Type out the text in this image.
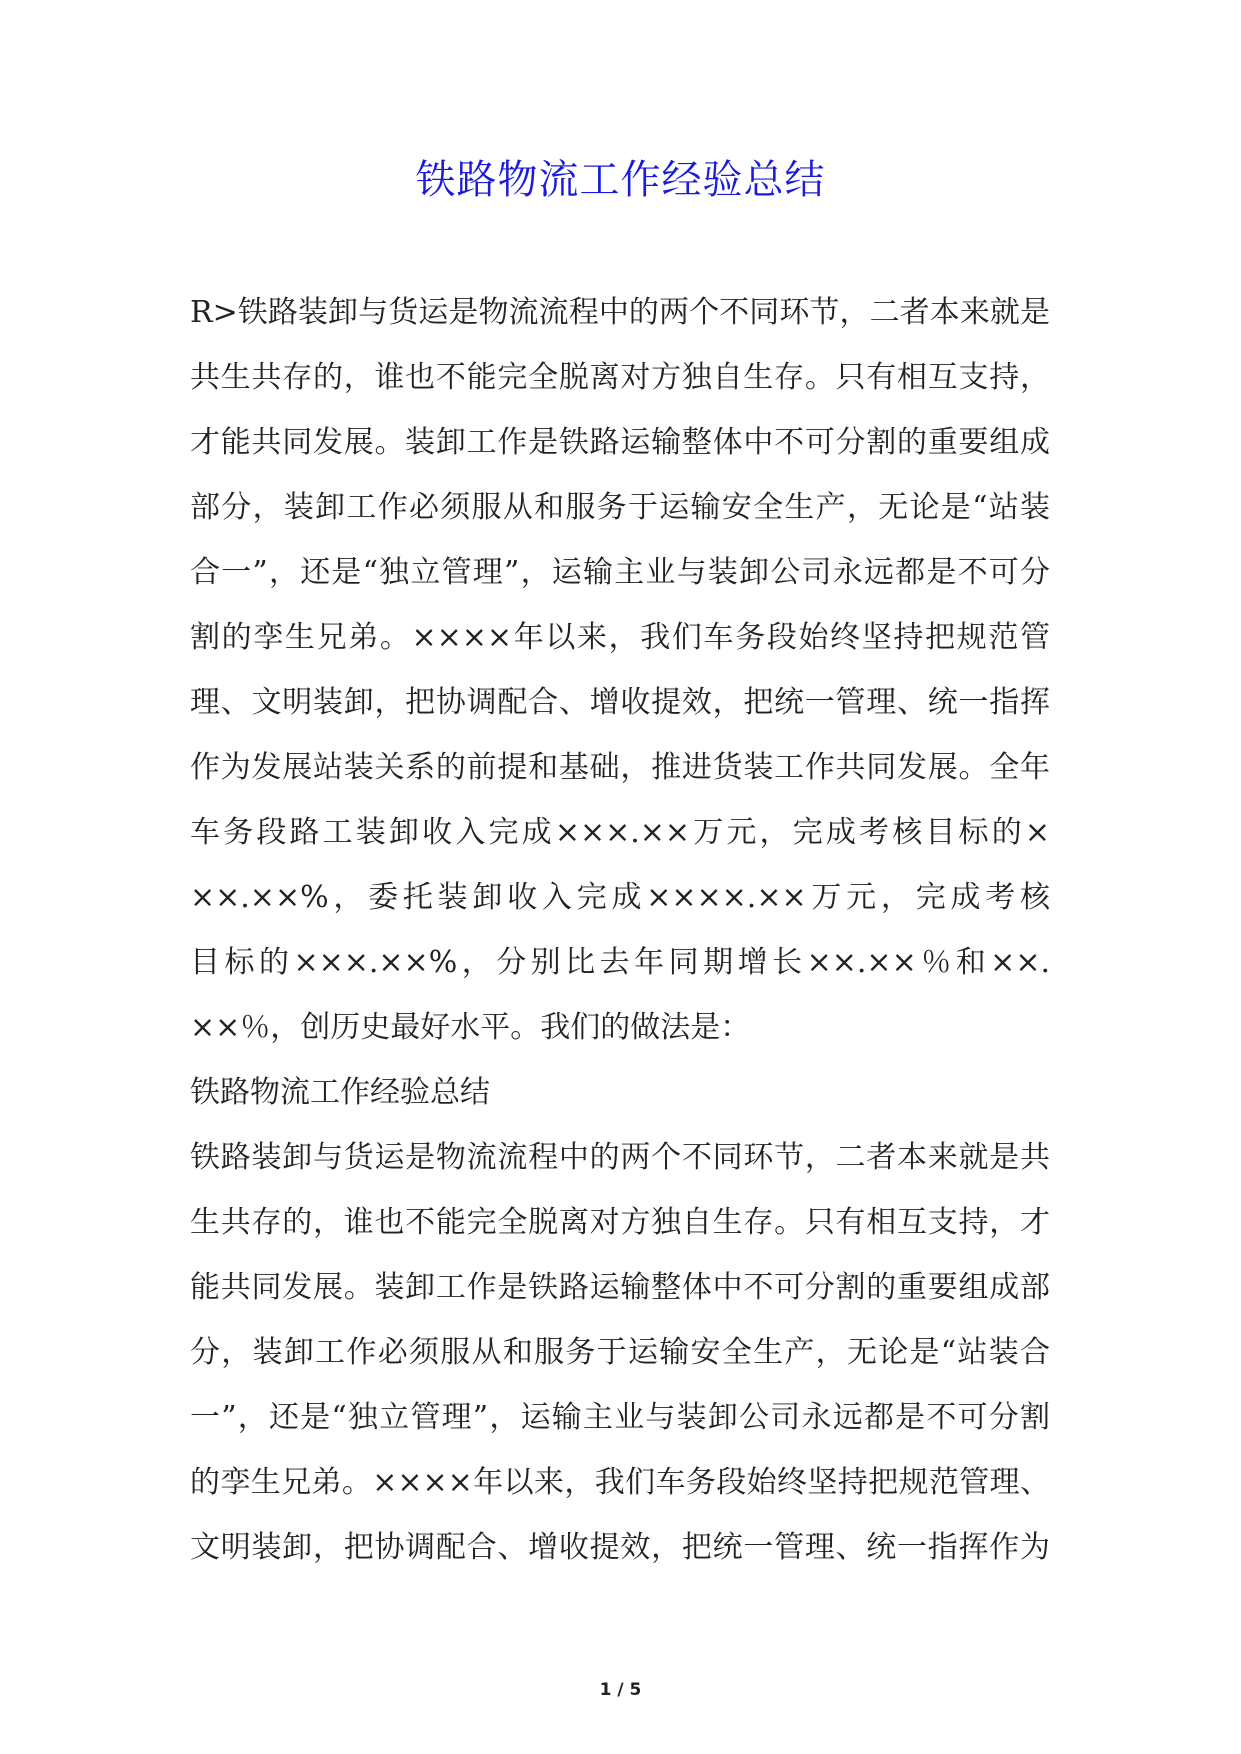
铁路物流工作经验总结
R>铁路装卸与货运是物流流程中的两个不同环节，二者本来就是
共生共存的，谁也不能完全脱离对方独自生存。只有相互支持，
才能共同发展。装卸工作是铁路运输整体中不可分割的重要组成
部分，装卸工作必须服从和服务于运输安全生产，无论是“站装
合一”，还是“独立管理”，运输主业与装卸公司永远都是不可分
割的孪生兄弟。××××年以来，我们车务段始终坚持把规范管
理、文明装卸，把协调配合、增收提效，把统一管理、统一指挥
作为发展站装关系的前提和基础，推进货装工作共同发展。全年
车务段路工装卸收入完成×××.××万元，完成考核目标的×
××.××%，委托装卸收入完成××××.××万元，完成考核
目标的×××.××%，分别比去年同期增长××.××％和××.
××％，创历史最好水平。我们的做法是：
铁路物流工作经验总结
铁路装卸与货运是物流流程中的两个不同环节，二者本来就是共
生共存的，谁也不能完全脱离对方独自生存。只有相互支持，才
能共同发展。装卸工作是铁路运输整体中不可分割的重要组成部
分，装卸工作必须服从和服务于运输安全生产，无论是“站装合
一”，还是“独立管理”，运输主业与装卸公司永远都是不可分割
的孪生兄弟。××××年以来，我们车务段始终坚持把规范管理、
文明装卸，把协调配合、增收提效，把统一管理、统一指挥作为
1 / 5
